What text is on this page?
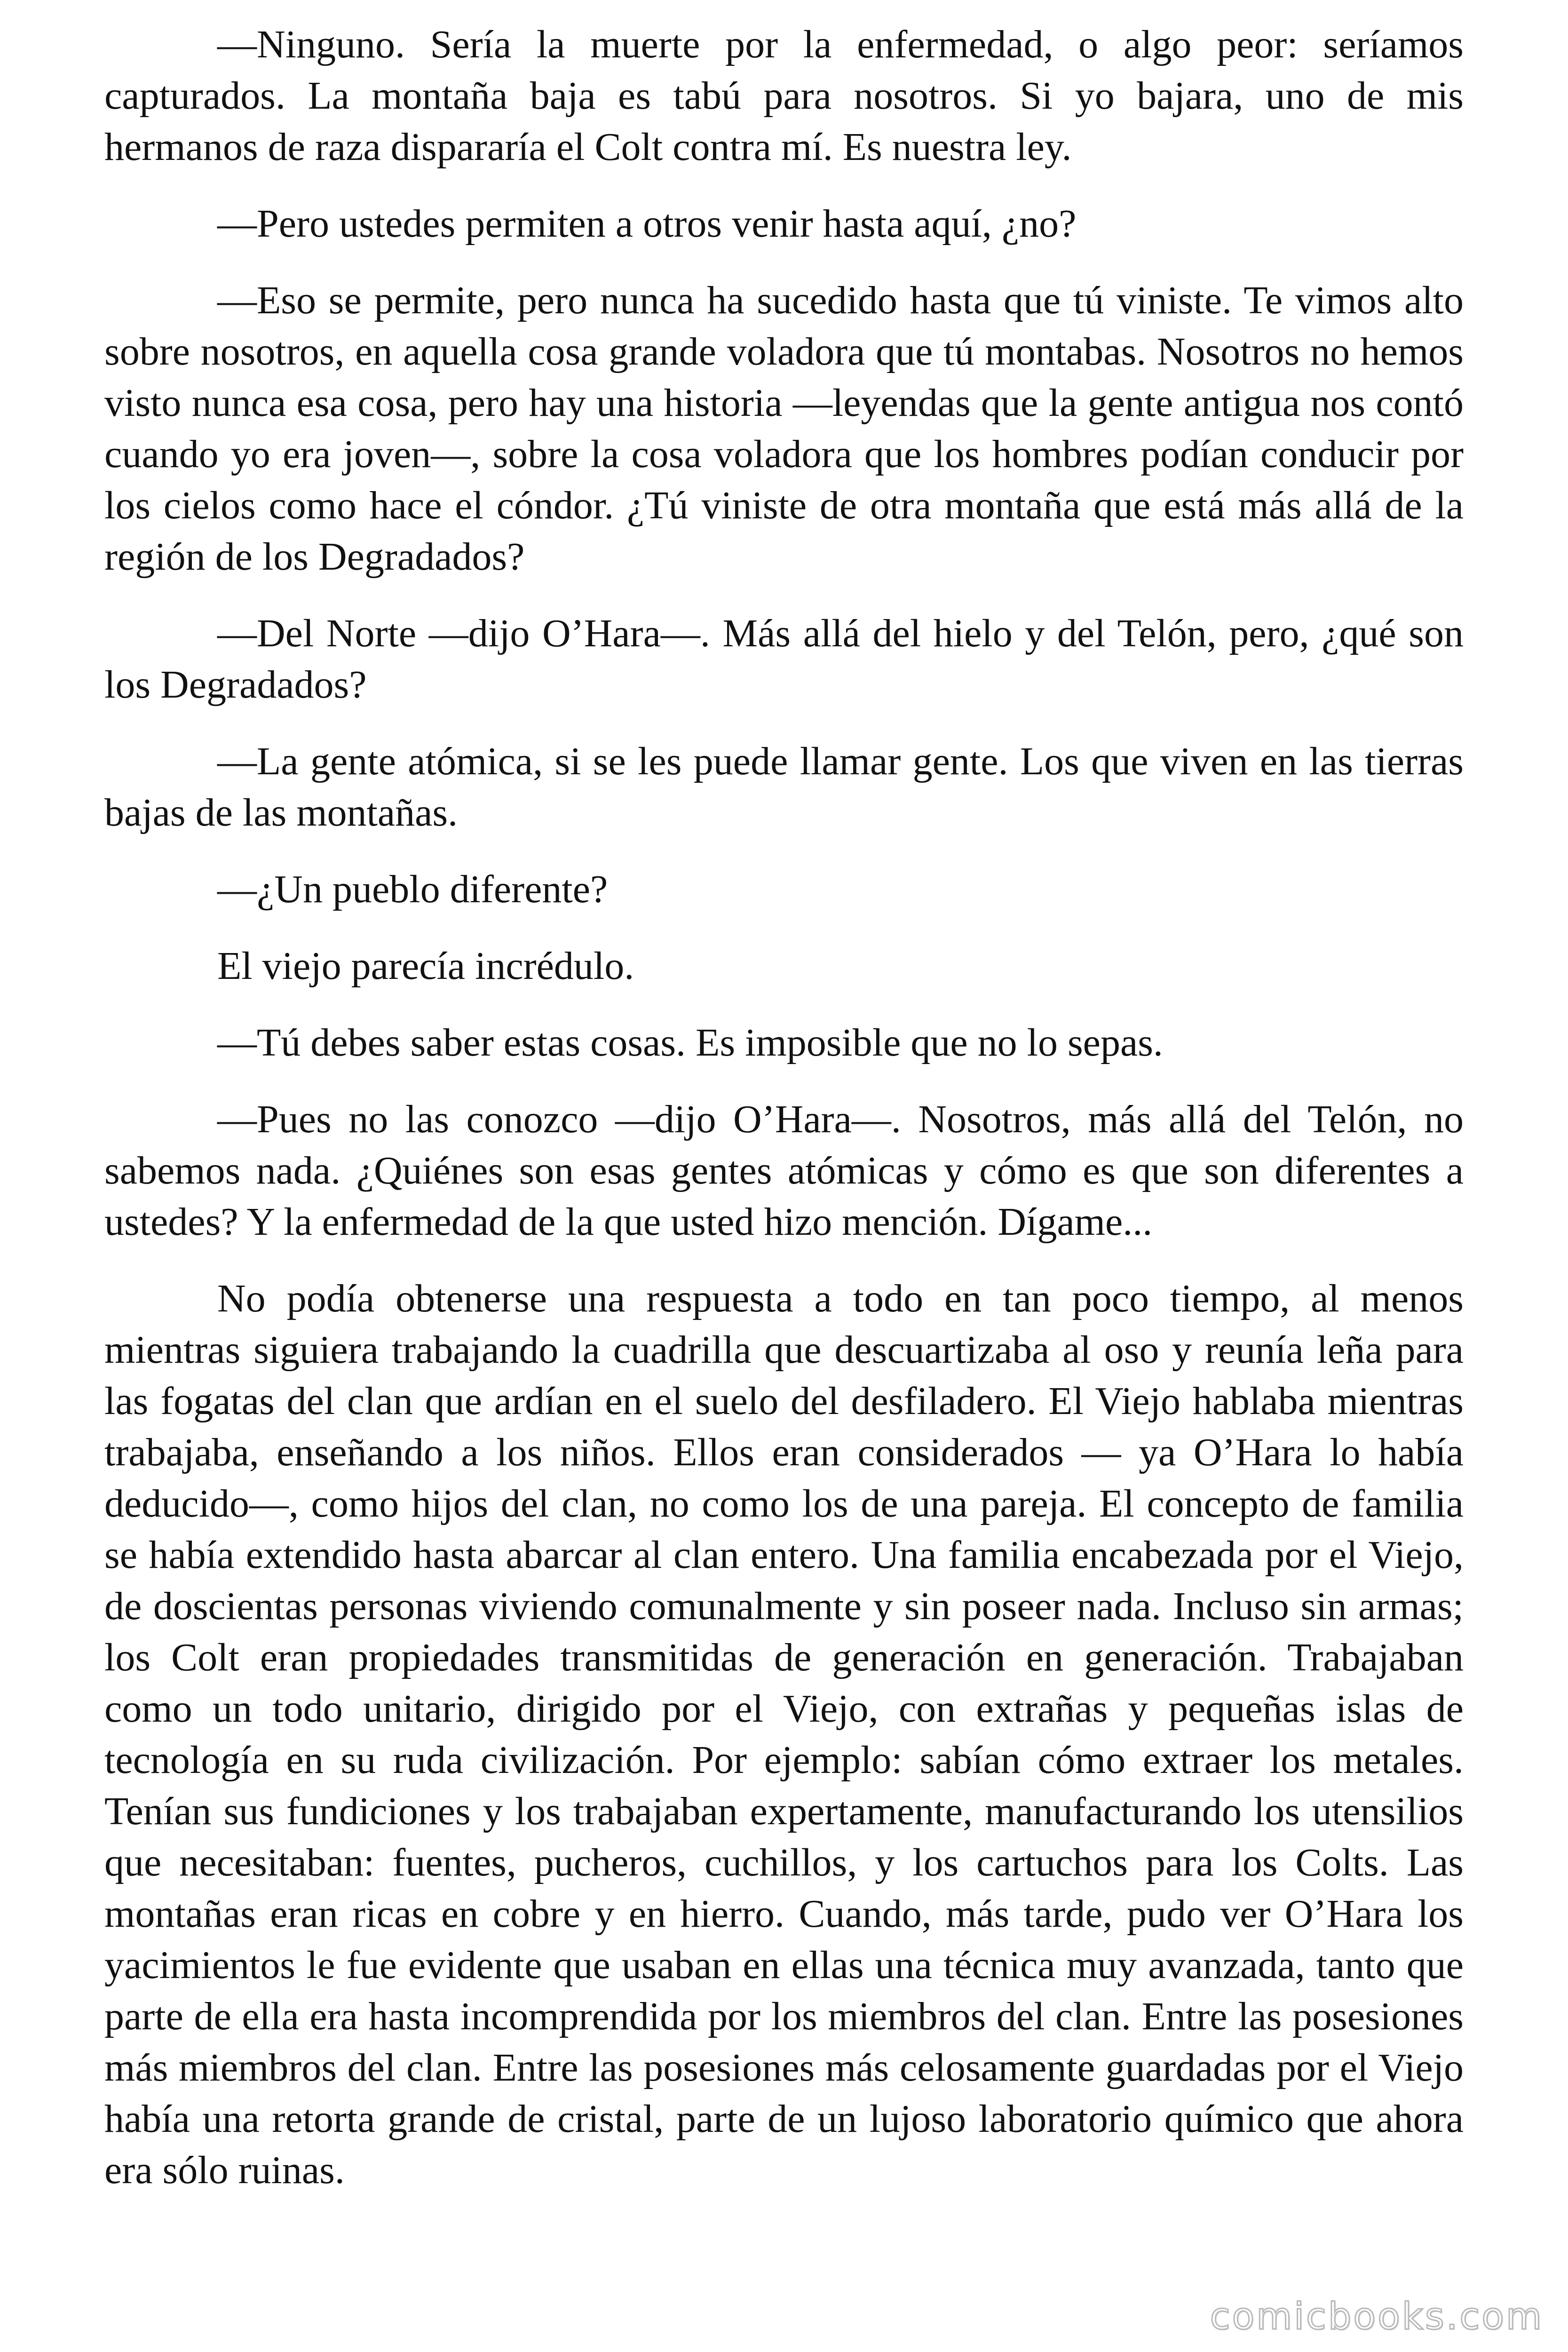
—Ninguno. Sería la muerte por la enfermedad, o algo peor: seríamos capturados. La montaña baja es tabú para nosotros. Si yo bajara, uno de mis hermanos de raza dispararía el Colt contra mí. Es nuestra ley.

—Pero ustedes permiten a otros venir hasta aquí, ¿no?

—Eso se permite, pero nunca ha sucedido hasta que tú viniste. Te vimos alto sobre nosotros, en aquella cosa grande voladora que tú montabas. Nosotros no hemos visto nunca esa cosa, pero hay una historia —leyendas que la gente antigua nos contó cuando yo era joven—, sobre la cosa voladora que los hombres podían conducir por los cielos como hace el cóndor. ¿Tú viniste de otra montaña que está más allá de la región de los Degradados?

—Del Norte —dijo O’Hara—. Más allá del hielo y del Telón, pero, ¿qué son los Degradados?

—La gente atómica, si se les puede llamar gente. Los que viven en las tierras bajas de las montañas.

—¿Un pueblo diferente?

El viejo parecía incrédulo.

—Tú debes saber estas cosas. Es imposible que no lo sepas.

—Pues no las conozco —dijo O’Hara—. Nosotros, más allá del Telón, no sabemos nada. ¿Quiénes son esas gentes atómicas y cómo es que son diferentes a ustedes? Y la enfermedad de la que usted hizo mención. Dígame...

No podía obtenerse una respuesta a todo en tan poco tiempo, al menos mientras siguiera trabajando la cuadrilla que descuartizaba al oso y reunía leña para las fogatas del clan que ardían en el suelo del desfiladero. El Viejo hablaba mientras trabajaba, enseñando a los niños. Ellos eran considerados — ya O’Hara lo había deducido—, como hijos del clan, no como los de una pareja. El concepto de familia se había extendido hasta abarcar al clan entero. Una familia encabezada por el Viejo, de doscientas personas viviendo comunalmente y sin poseer nada. Incluso sin armas; los Colt eran propiedades transmitidas de generación en generación. Trabajaban como un todo unitario, dirigido por el Viejo, con extrañas y pequeñas islas de tecnología en su ruda civilización. Por ejemplo: sabían cómo extraer los metales. Tenían sus fundiciones y los trabajaban expertamente, manufacturando los utensilios que necesitaban: fuentes, pucheros, cuchillos, y los cartuchos para los Colts. Las montañas eran ricas en cobre y en hierro. Cuando, más tarde, pudo ver O’Hara los yacimientos le fue evidente que usaban en ellas una técnica muy avanzada, tanto que parte de ella era hasta incomprendida por los miembros del clan. Entre las posesiones más miembros del clan. Entre las posesiones más celosamente guardadas por el Viejo había una retorta grande de cristal, parte de un lujoso laboratorio químico que ahora era sólo ruinas.

comicbooks.com
